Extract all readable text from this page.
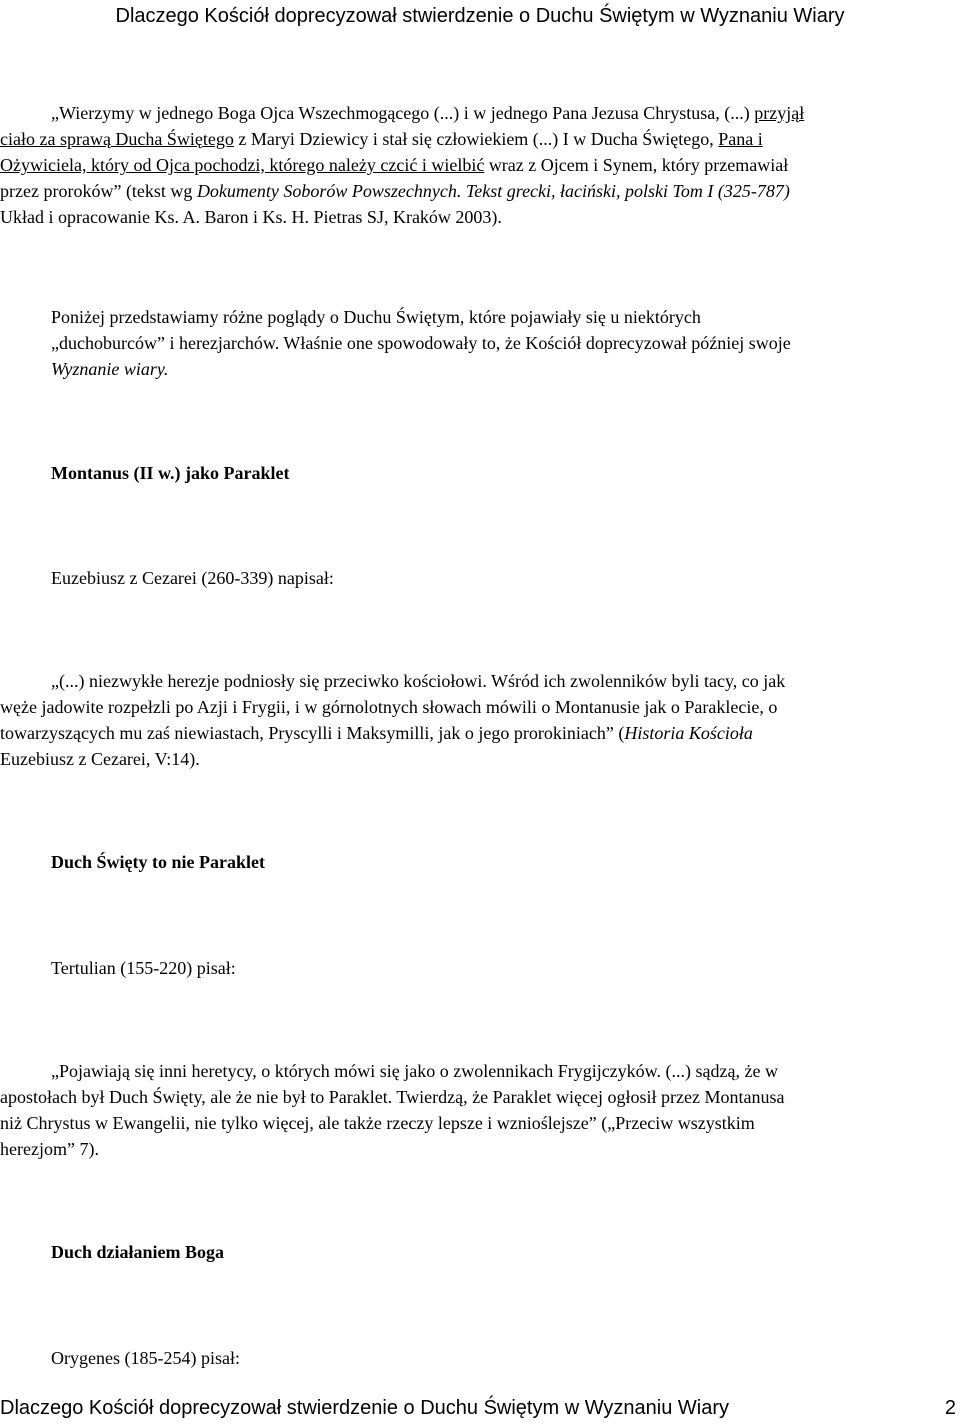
Dlaczego Kościół doprecyzował stwierdzenie o Duchu Świętym w Wyznaniu Wiary
„Wierzymy w jednego Boga Ojca Wszechmogącego (...) i w jednego Pana Jezusa Chrystusa, (...) przyjął
ciało za sprawą Ducha Świętego z Maryi Dziewicy i stał się człowiekiem (...) I w Ducha Świętego, Pana i
Ożywiciela, który od Ojca pochodzi, którego należy czcić i wielbić wraz z Ojcem i Synem, który przemawiał
przez proroków” (tekst wg Dokumenty Soborów Powszechnych. Tekst grecki, łaciński, polski Tom I (325-787)
Układ i opracowanie Ks. A. Baron i Ks. H. Pietras SJ, Kraków 2003).
Poniżej przedstawiamy różne poglądy o Duchu Świętym, które pojawiały się u niektórych
„duchoburców” i herezjarchów. Właśnie one spowodowały to, że Kościół doprecyzował później swoje
Wyznanie wiary.
Montanus (II w.) jako Paraklet
Euzebiusz z Cezarei (260-339) napisał:
„(...) niezwykłe herezje podniosły się przeciwko kościołowi. Wśród ich zwolenników byli tacy, co jak
węże jadowite rozpełzli po Azji i Frygii, i w górnolotnych słowach mówili o Montanusie jak o Paraklecie, o
towarzyszących mu zaś niewiastach, Pryscylli i Maksymilli, jak o jego prorokiniach” (Historia Kościoła
Euzebiusz z Cezarei, V:14).
Duch Święty to nie Paraklet
Tertulian (155-220) pisał:
„Pojawiają się inni heretycy, o których mówi się jako o zwolennikach Frygijczyków. (...) sądzą, że w
apostołach był Duch Święty, ale że nie był to Paraklet. Twierdzą, że Paraklet więcej ogłosił przez Montanusa
niż Chrystus w Ewangelii, nie tylko więcej, ale także rzeczy lepsze i wznioślejsze” („Przeciw wszystkim
herezjom” 7).
Duch działaniem Boga
Orygenes (185-254) pisał:
Dlaczego Kościół doprecyzował stwierdzenie o Duchu Świętym w Wyznaniu Wiary	2
